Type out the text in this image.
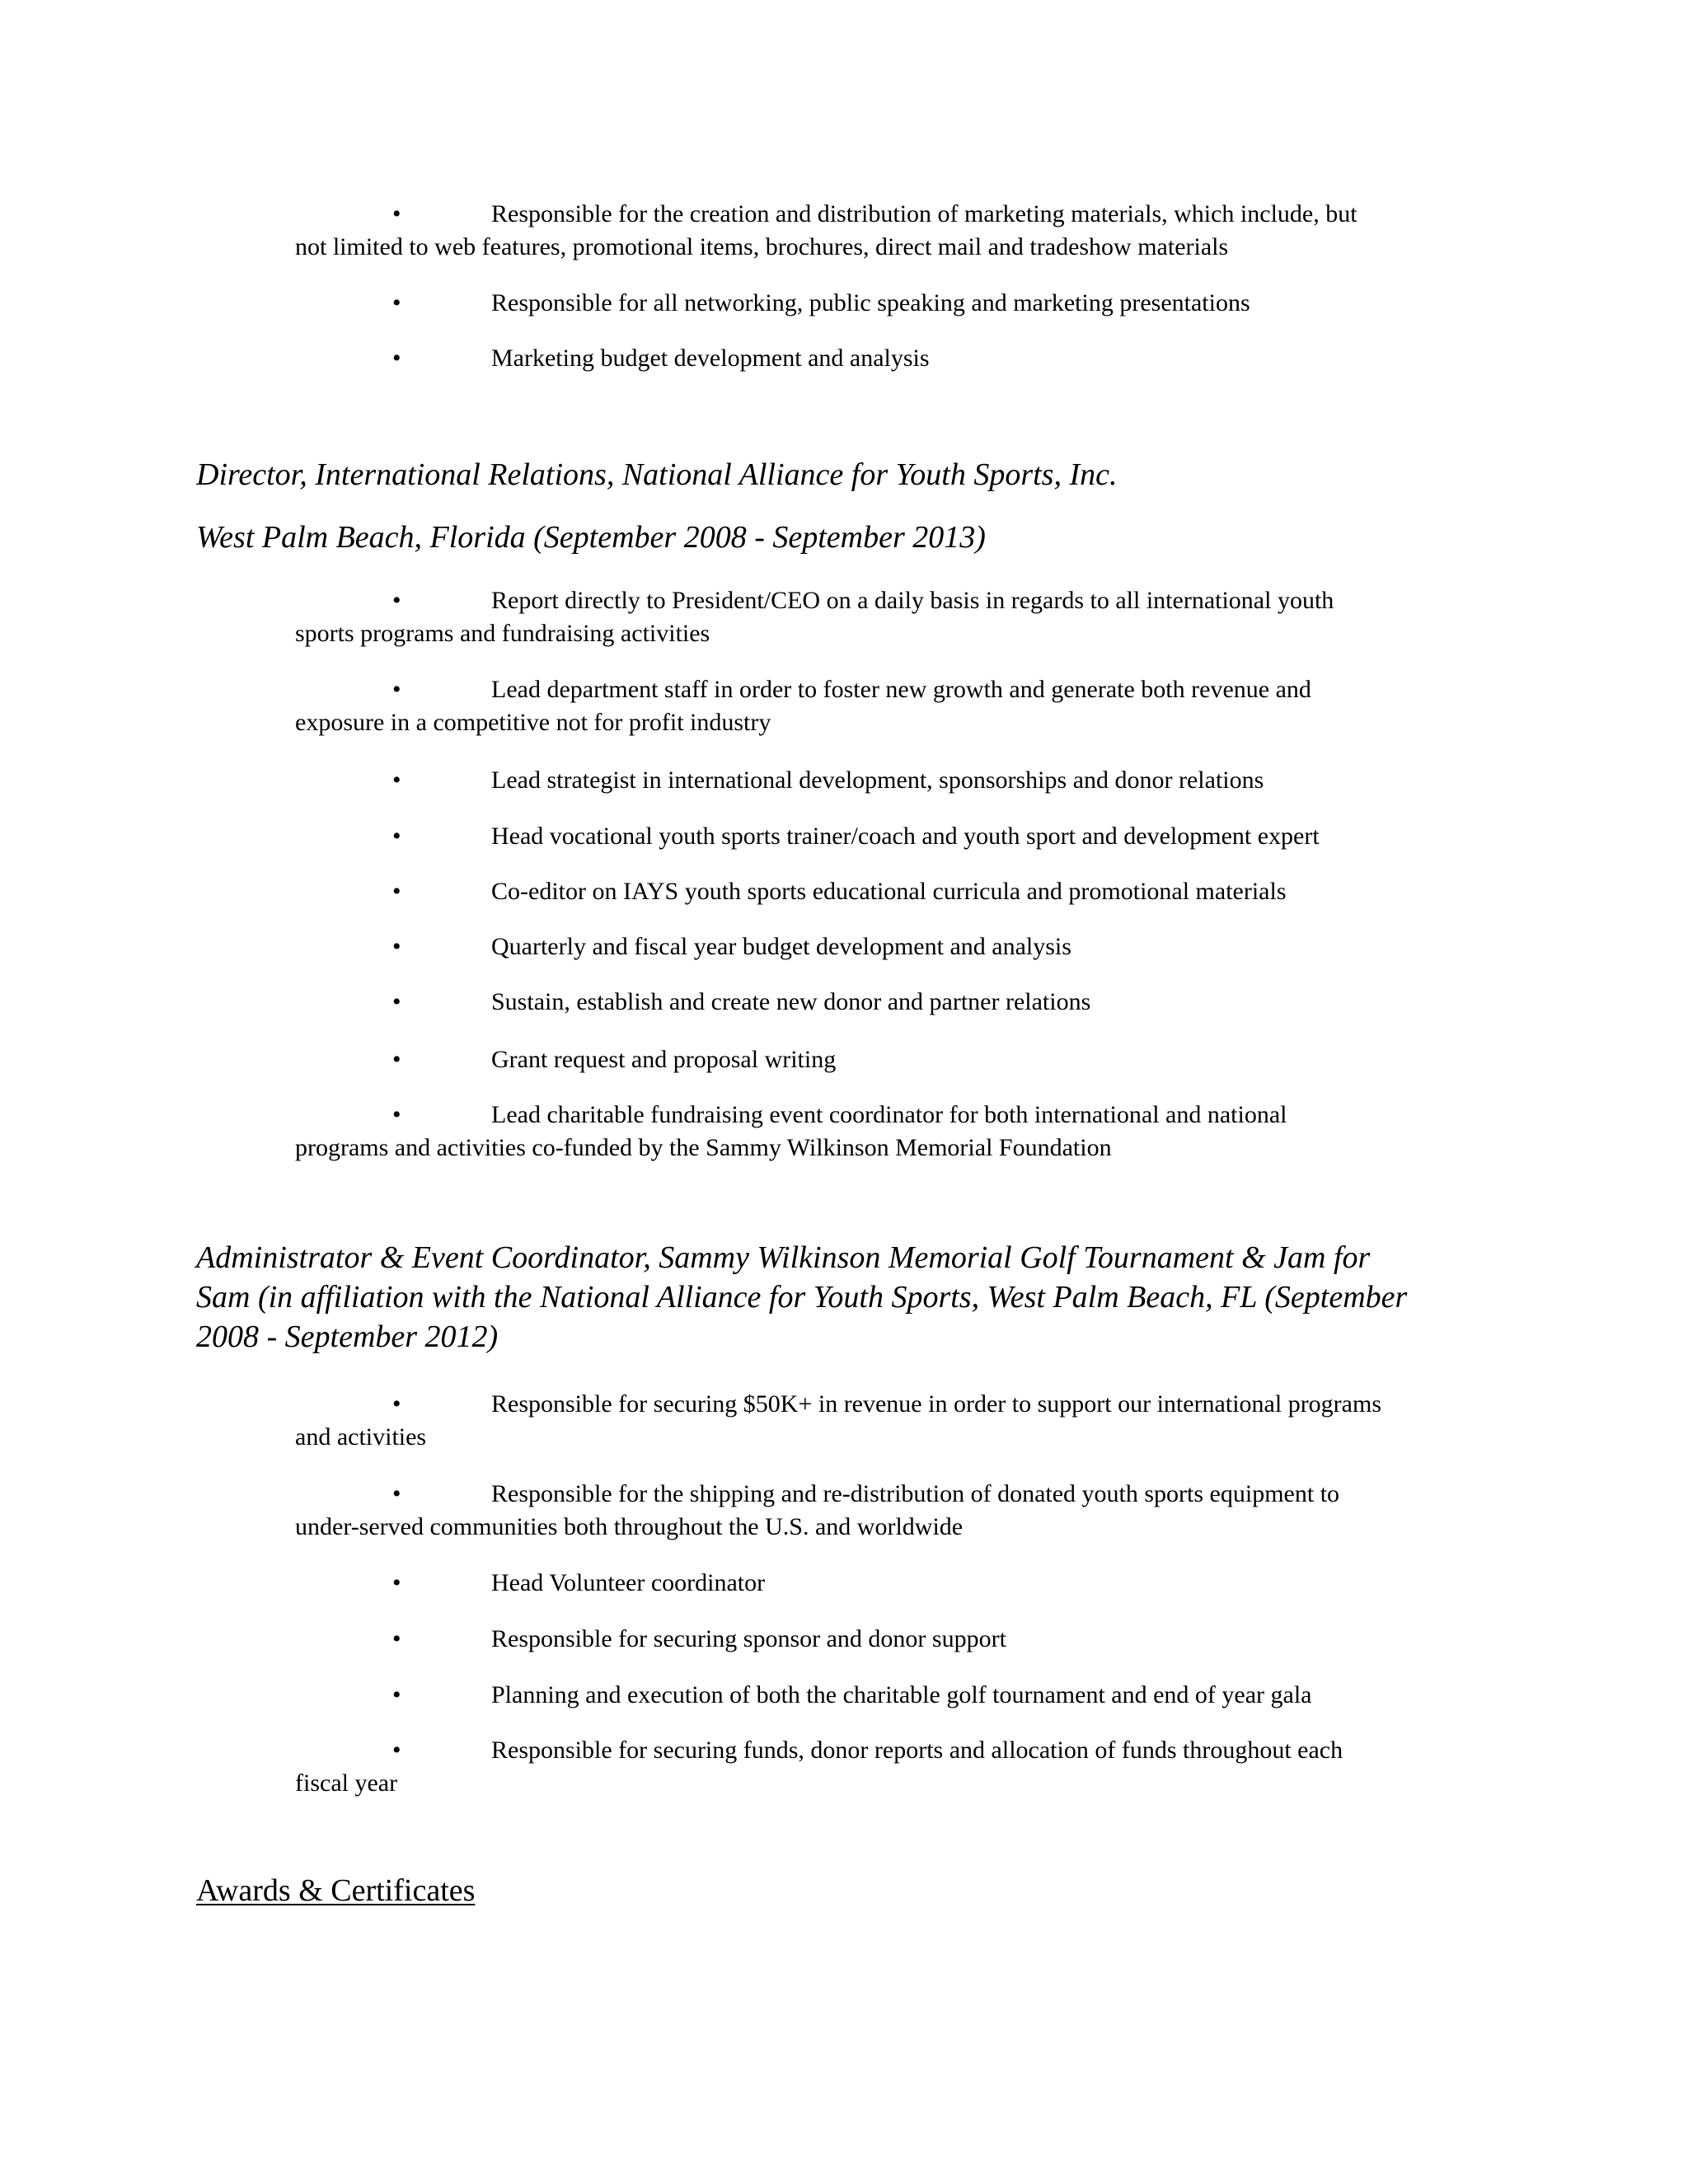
•	Responsible for the creation and distribution of marketing materials, which include, but
not limited to web features, promotional items, brochures, direct mail and tradeshow materials
•	Responsible for all networking, public speaking and marketing presentations
•	Marketing budget development and analysis
Director, International Relations, National Alliance for Youth Sports, Inc.
West Palm Beach, Florida (September 2008 - September 2013)
•	Report directly to President/CEO on a daily basis in regards to all international youth
sports programs and fundraising activities
•	Lead department staff in order to foster new growth and generate both revenue and
exposure in a competitive not for profit industry
•	Lead strategist in international development, sponsorships and donor relations
•	Head vocational youth sports trainer/coach and youth sport and development expert
•	Co-editor on IAYS youth sports educational curricula and promotional materials
•	Quarterly and fiscal year budget development and analysis
•	Sustain, establish and create new donor and partner relations
•	Grant request and proposal writing
•	Lead charitable fundraising event coordinator for both international and national
programs and activities co-funded by the Sammy Wilkinson Memorial Foundation
Administrator & Event Coordinator, Sammy Wilkinson Memorial Golf Tournament & Jam for
Sam (in affiliation with the National Alliance for Youth Sports, West Palm Beach, FL (September
2008 - September 2012)
•	Responsible for securing $50K+ in revenue in order to support our international programs
and activities
•	Responsible for the shipping and re-distribution of donated youth sports equipment to
under-served communities both throughout the U.S. and worldwide
•	Head Volunteer coordinator
•	Responsible for securing sponsor and donor support
•	Planning and execution of both the charitable golf tournament and end of year gala
•	Responsible for securing funds, donor reports and allocation of funds throughout each
fiscal year
Awards & Certificates
